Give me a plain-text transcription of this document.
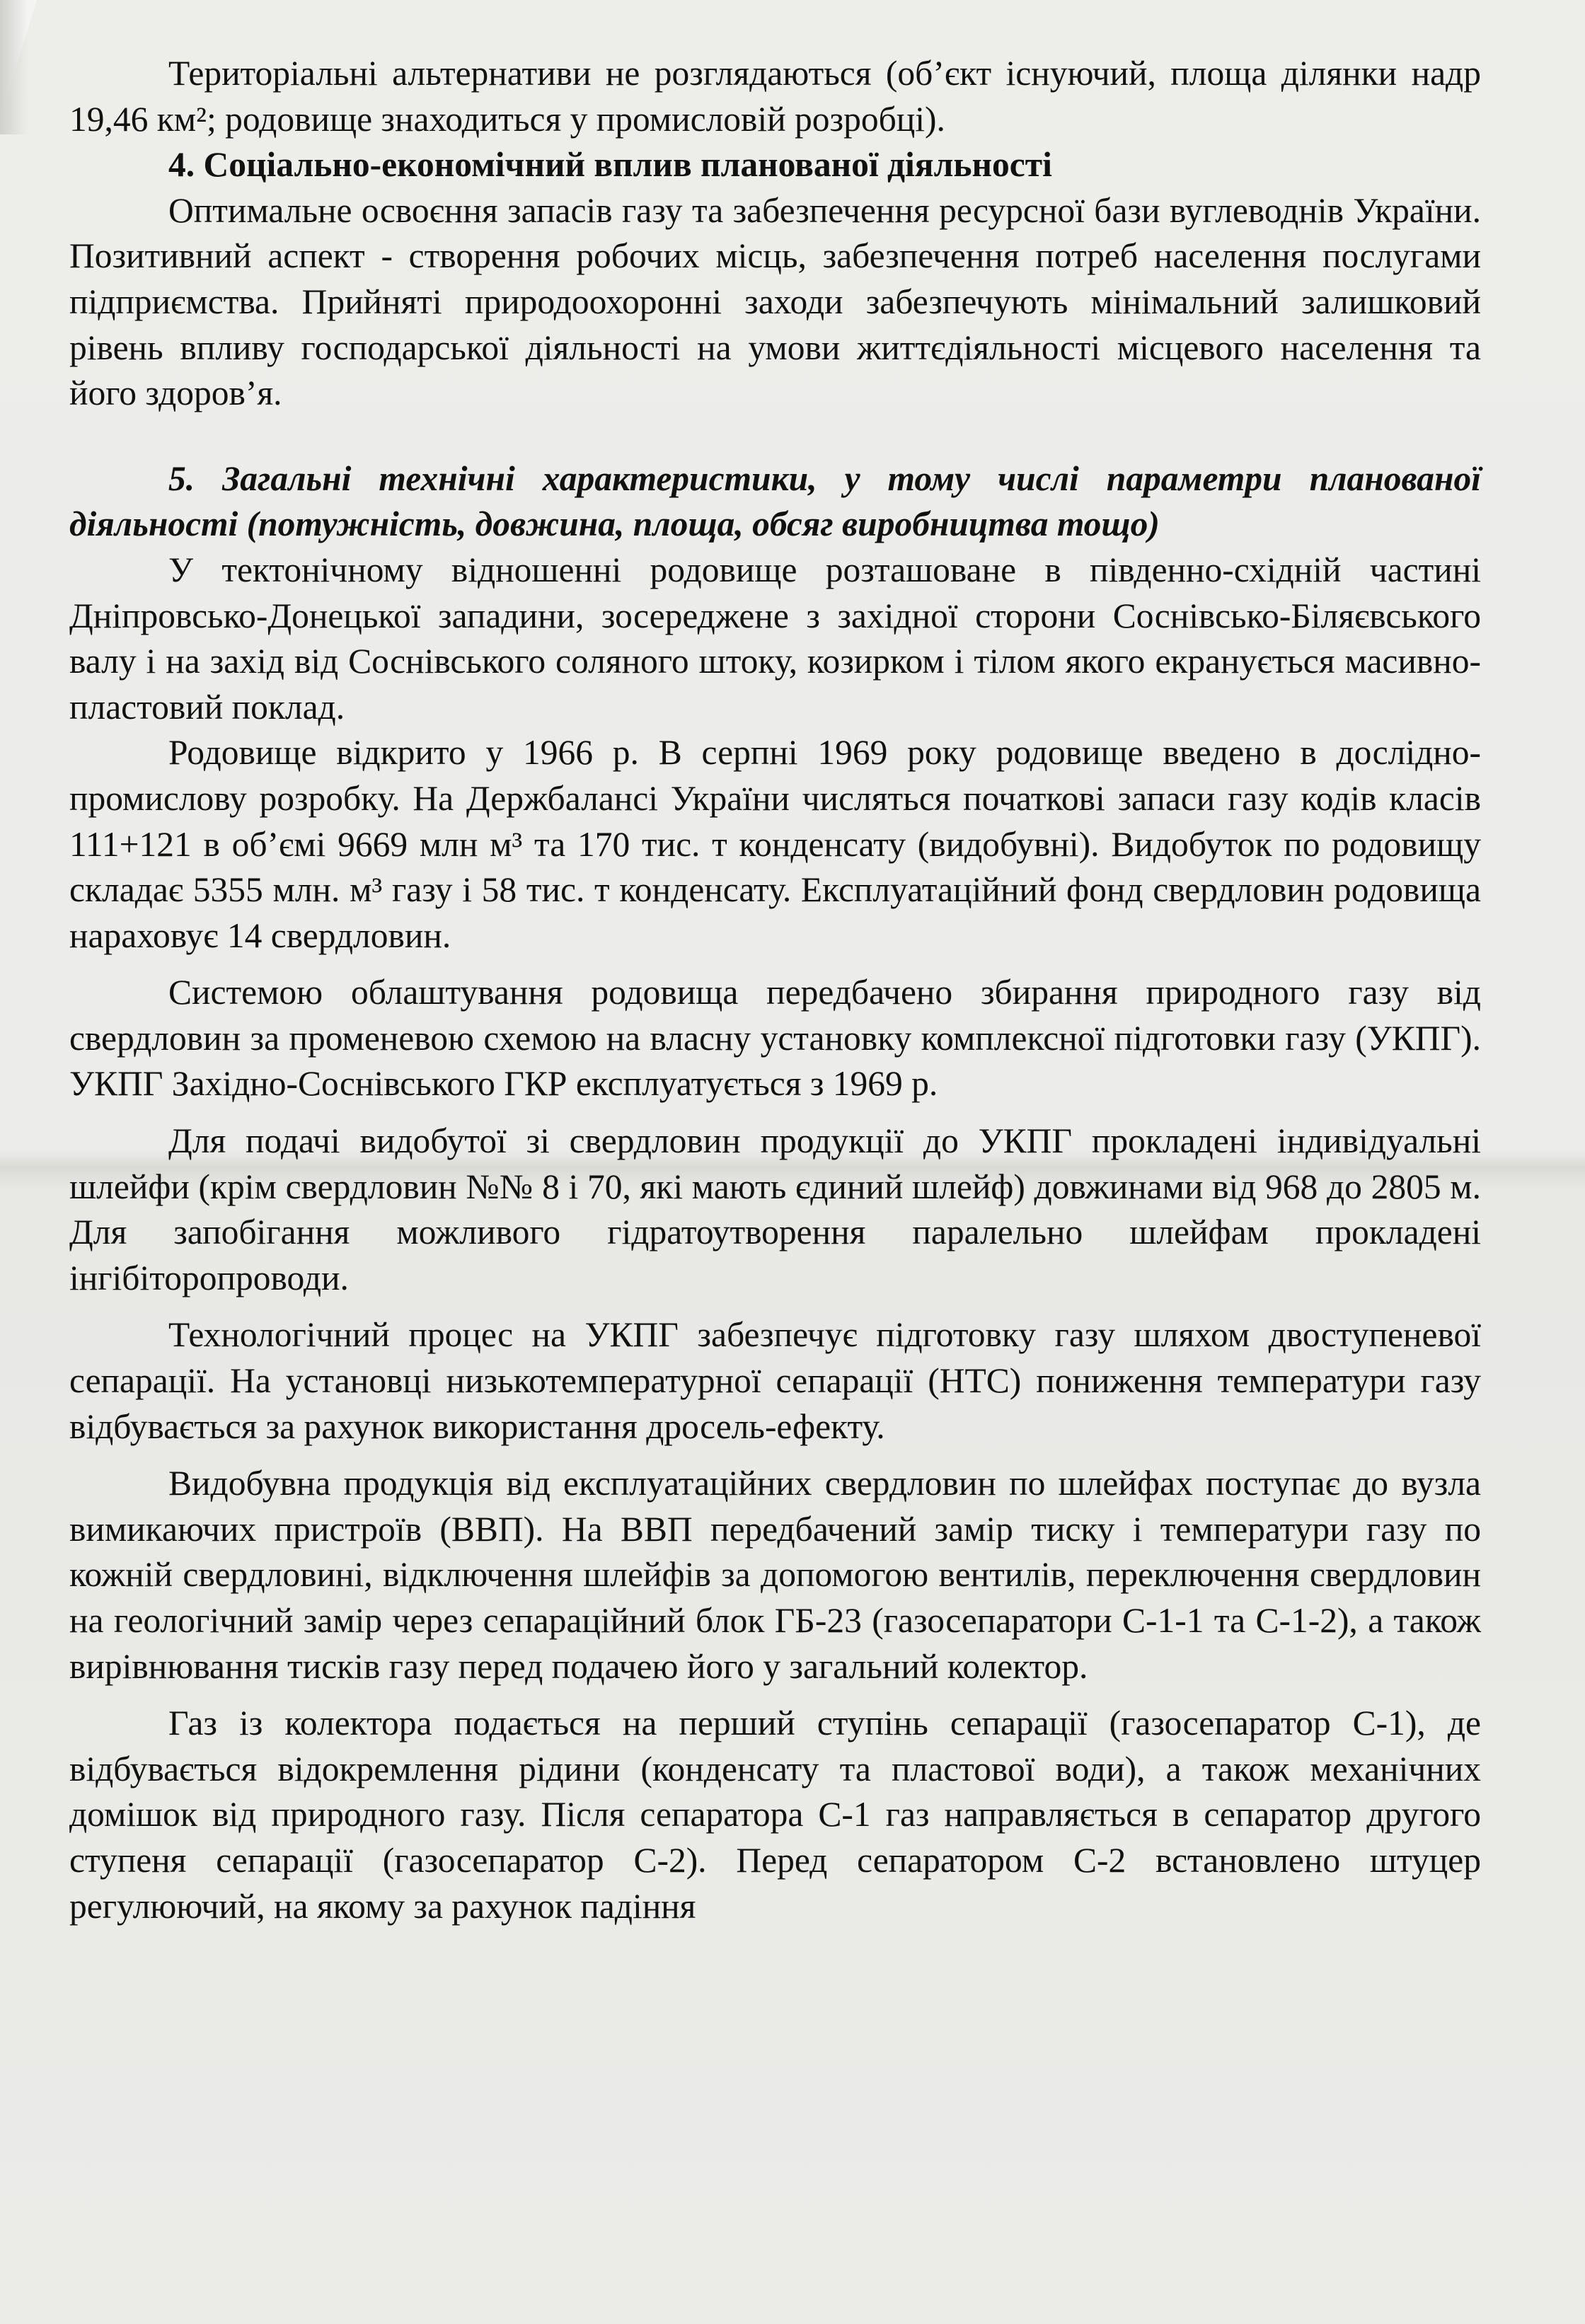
Територіальні альтернативи не розглядаються (об’єкт існуючий, площа ділянки надр 19,46 км²; родовище знаходиться у промисловій розробці).

4. Соціально-економічний вплив планованої діяльності

Оптимальне освоєння запасів газу та забезпечення ресурсної бази вуглеводнів України. Позитивний аспект - створення робочих місць, забезпечення потреб населення послугами підприємства. Прийняті природоохоронні заходи забезпечують мінімальний залишковий рівень впливу господарської діяльності на умови життєдіяльності місцевого населення та його здоров’я.

5. Загальні технічні характеристики, у тому числі параметри планованої діяльності (потужність, довжина, площа, обсяг виробництва тощо)

У тектонічному відношенні родовище розташоване в південно-східній частині Дніпровсько-Донецької западини, зосереджене з західної сторони Соснівсько-Біляєвського валу і на захід від Соснівського соляного штоку, козирком і тілом якого екранується масивно-пластовий поклад.

Родовище відкрито у 1966 р. В серпні 1969 року родовище введено в дослідно-промислову розробку. На Держбалансі України числяться початкові запаси газу кодів класів 111+121 в об’ємі 9669 млн м³ та 170 тис. т конденсату (видобувні). Видобуток по родовищу складає 5355 млн. м³ газу і 58 тис. т конденсату. Експлуатаційний фонд свердловин родовища нараховує 14 свердловин.

Системою облаштування родовища передбачено збирання природного газу від свердловин за променевою схемою на власну установку комплексної підготовки газу (УКПГ). УКПГ Західно-Соснівського ГКР експлуатується з 1969 р.

Для подачі видобутої зі свердловин продукції до УКПГ прокладені індивідуальні шлейфи (крім свердловин №№ 8 і 70, які мають єдиний шлейф) довжинами від 968 до 2805 м. Для запобігання можливого гідратоутворення паралельно шлейфам прокладені інгібіторопроводи.

Технологічний процес на УКПГ забезпечує підготовку газу шляхом двоступеневої сепарації. На установці низькотемпературної сепарації (НТС) пониження температури газу відбувається за рахунок використання дросель-ефекту.

Видобувна продукція від експлуатаційних свердловин по шлейфах поступає до вузла вимикаючих пристроїв (ВВП). На ВВП передбачений замір тиску і температури газу по кожній свердловині, відключення шлейфів за допомогою вентилів, переключення свердловин на геологічний замір через сепараційний блок ГБ-23 (газосепаратори С-1-1 та С-1-2), а також вирівнювання тисків газу перед подачею його у загальний колектор.

Газ із колектора подається на перший ступінь сепарації (газосепаратор С-1), де відбувається відокремлення рідини (конденсату та пластової води), а також механічних домішок від природного газу. Після сепаратора С-1 газ направляється в сепаратор другого ступеня сепарації (газосепаратор С-2). Перед сепаратором С-2 встановлено штуцер регулюючий, на якому за рахунок падіння
